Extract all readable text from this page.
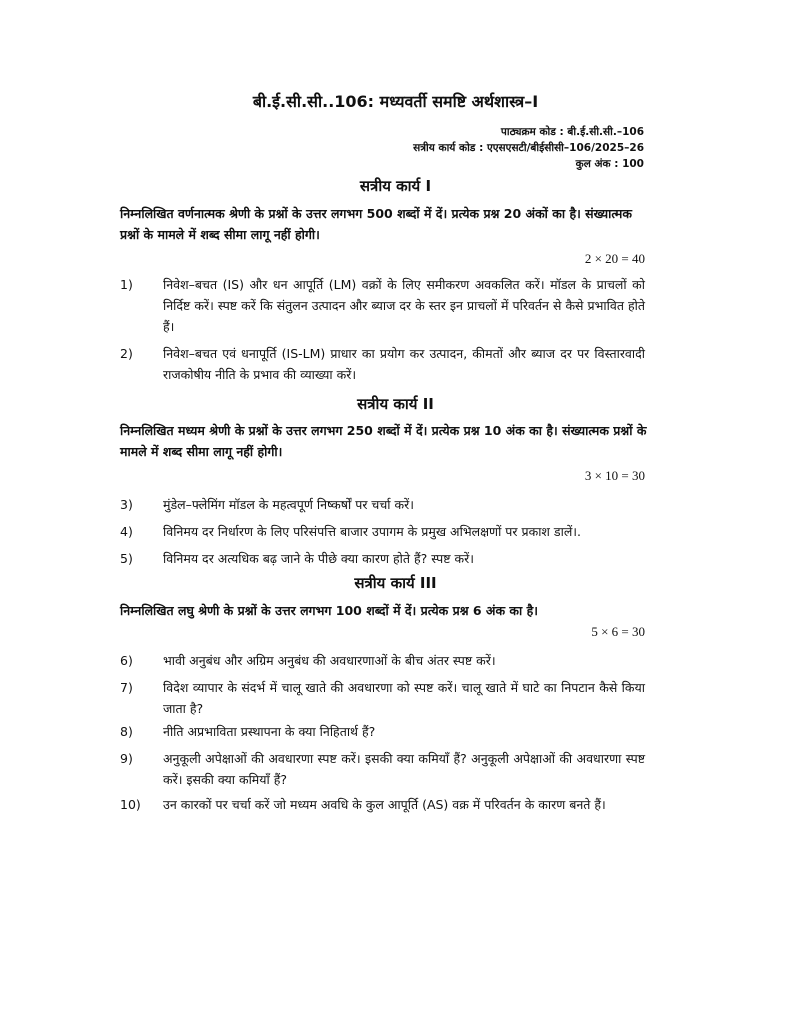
बी.ई.सी.सी..106: मध्यवर्ती समष्टि अर्थशास्त्र–I
पाठ्यक्रम कोड : बी.ई.सी.सी.–106
सत्रीय कार्य कोड : एएसएसटी/बीईसीसी–106/2025–26
कुल अंक : 100
सत्रीय कार्य I
निम्नलिखित वर्णनात्मक श्रेणी के प्रश्नों के उत्तर लगभग 500 शब्दों में दें। प्रत्येक प्रश्न 20 अंकों का है। संख्यात्मक प्रश्नों के मामले में शब्द सीमा लागू नहीं होगी।
2 × 20 = 40
1) निवेश–बचत (IS) और धन आपूर्ति (LM) वक्रों के लिए समीकरण अवकलित करें। मॉडल के प्राचलों को निर्दिष्ट करें। स्पष्ट करें कि संतुलन उत्पादन और ब्याज दर के स्तर इन प्राचलों में परिवर्तन से कैसे प्रभावित होते हैं।
2) निवेश–बचत एवं धनापूर्ति (IS-LM) प्राधार का प्रयोग कर उत्पादन, कीमतों और ब्याज दर पर विस्तारवादी राजकोषीय नीति के प्रभाव की व्याख्या करें।
सत्रीय कार्य II
निम्नलिखित मध्यम श्रेणी के प्रश्नों के उत्तर लगभग 250 शब्दों में दें। प्रत्येक प्रश्न 10 अंक का है। संख्यात्मक प्रश्नों के मामले में शब्द सीमा लागू नहीं होगी।
3 × 10 = 30
3) मुंडेल–फ्लेमिंग मॉडल के महत्वपूर्ण निष्कर्षों पर चर्चा करें।
4) विनिमय दर निर्धारण के लिए परिसंपत्ति बाजार उपागम के प्रमुख अभिलक्षणों पर प्रकाश डालें।.
5) विनिमय दर अत्यधिक बढ़ जाने के पीछे क्या कारण होते हैं? स्पष्ट करें।
सत्रीय कार्य III
निम्नलिखित लघु श्रेणी के प्रश्नों के उत्तर लगभग 100 शब्दों में दें। प्रत्येक प्रश्न 6 अंक का है।
5 × 6 = 30
6) भावी अनुबंध और अग्रिम अनुबंध की अवधारणाओं के बीच अंतर स्पष्ट करें।
7) विदेश व्यापार के संदर्भ में चालू खाते की अवधारणा को स्पष्ट करें। चालू खाते में घाटे का निपटान कैसे किया जाता है?
8) नीति अप्रभाविता प्रस्थापना के क्या निहितार्थ हैं?
9) अनुकूली अपेक्षाओं की अवधारणा स्पष्ट करें। इसकी क्या कमियाँ हैं? अनुकूली अपेक्षाओं की अवधारणा स्पष्ट करें। इसकी क्या कमियाँ हैं?
10) उन कारकों पर चर्चा करें जो मध्यम अवधि के कुल आपूर्ति (AS) वक्र में परिवर्तन के कारण बनते हैं।
